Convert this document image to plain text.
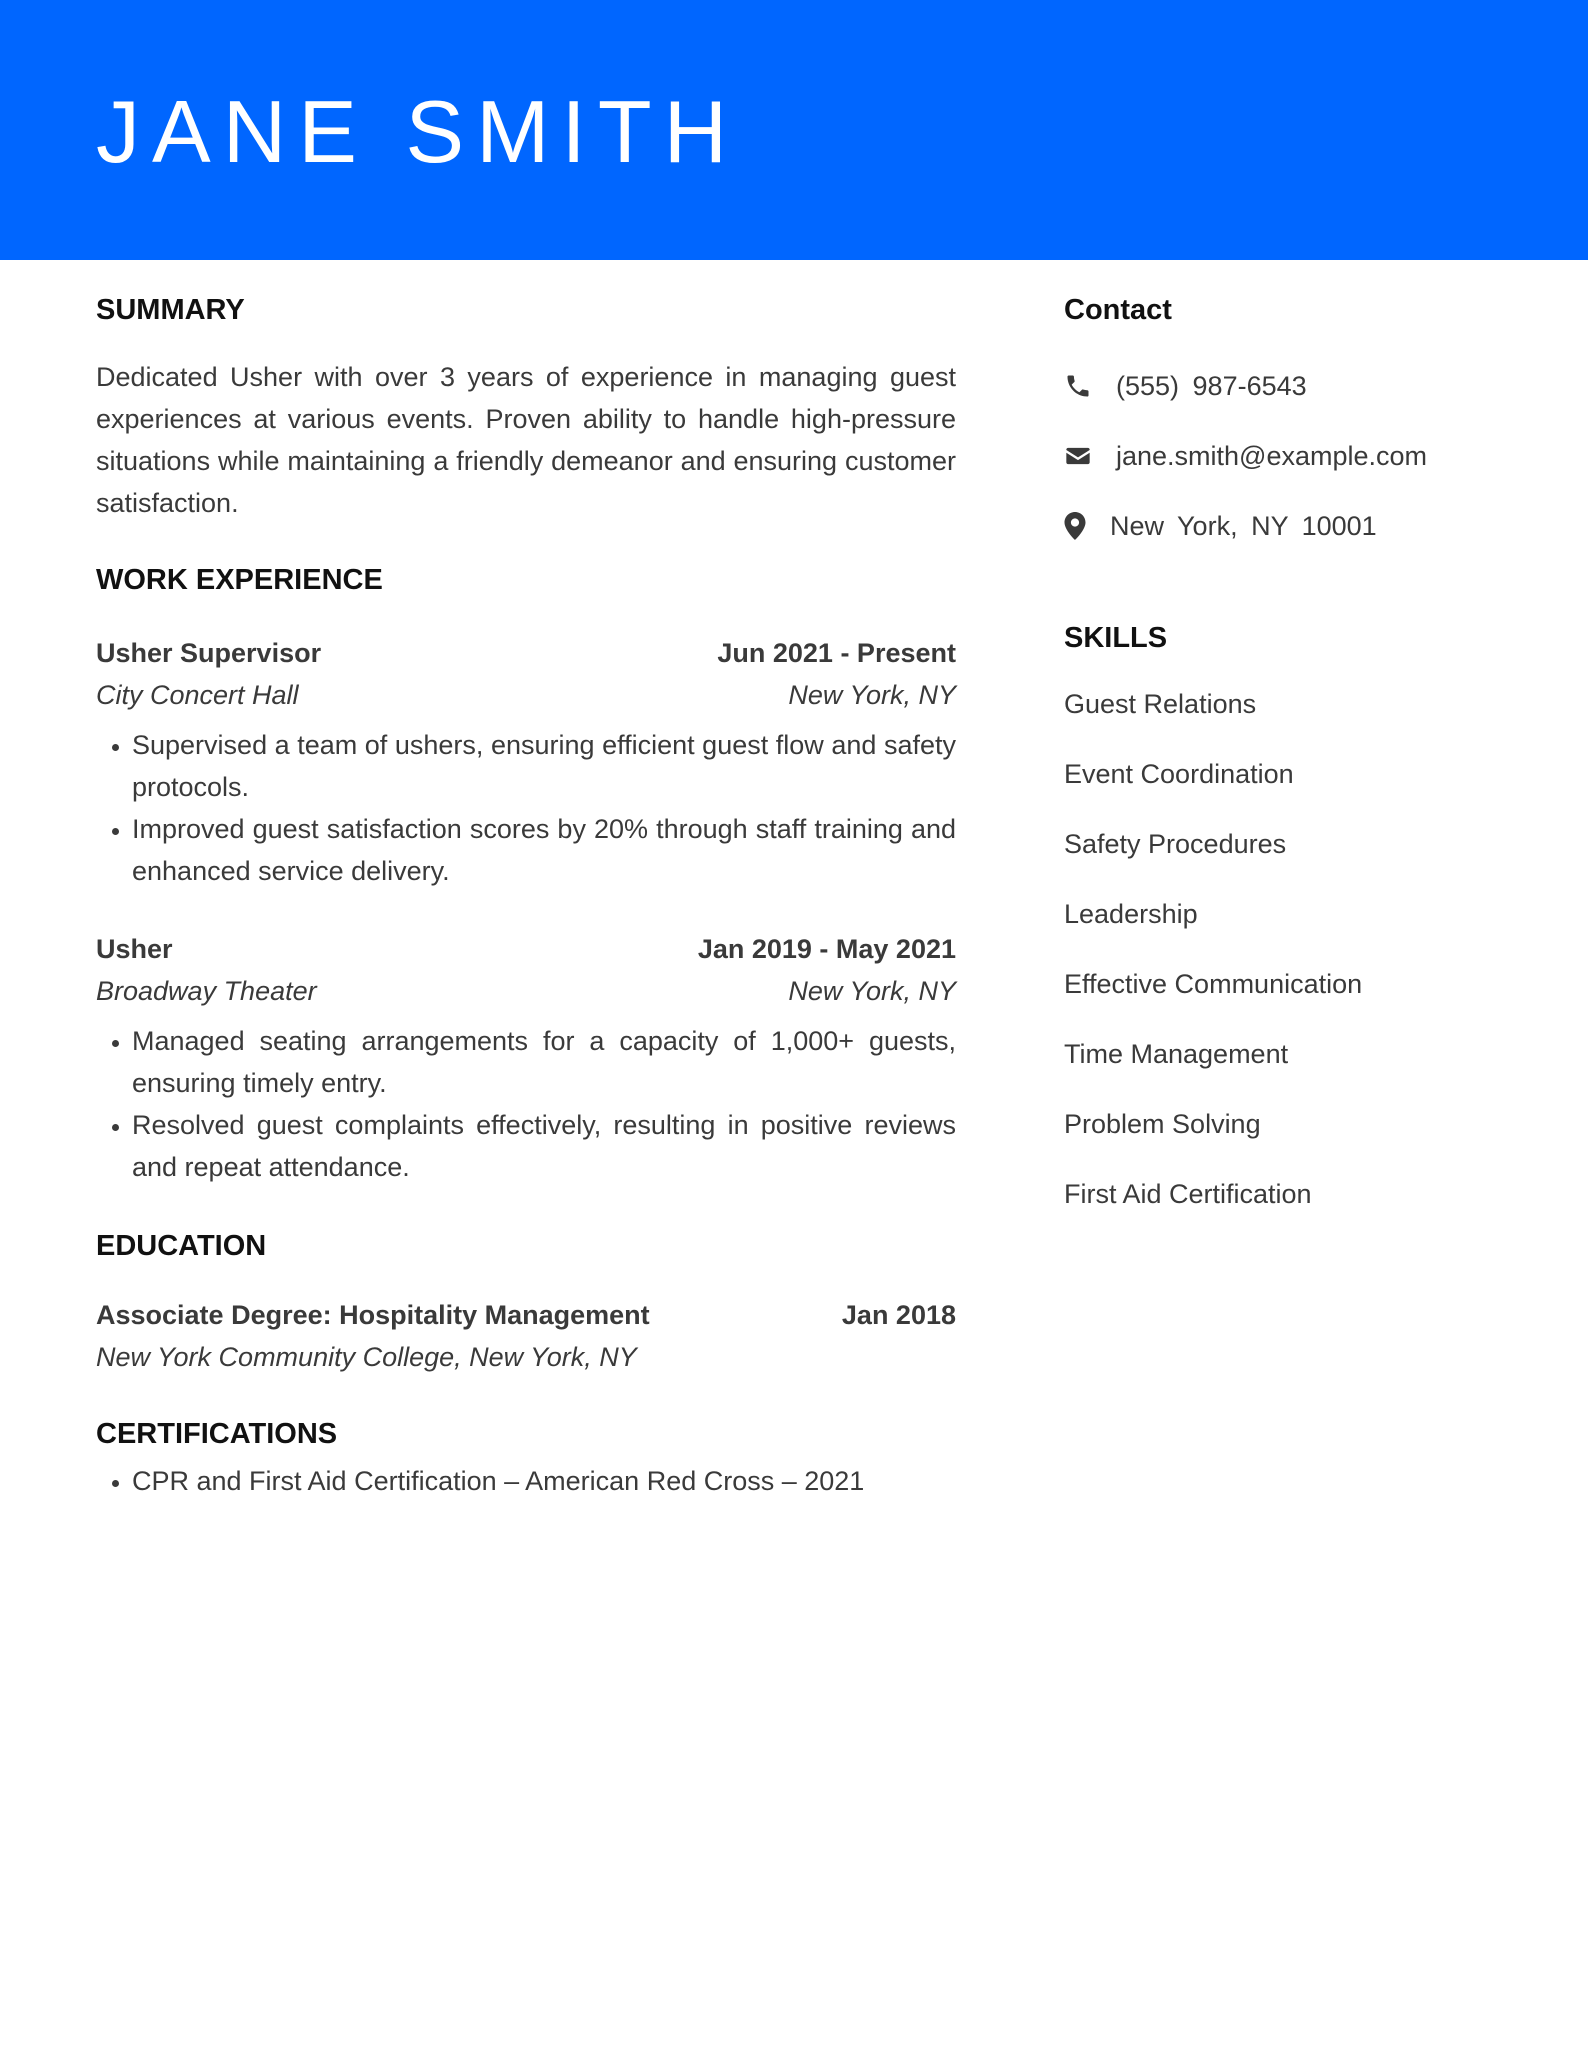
JANE SMITH
SUMMARY

Dedicated Usher with over 3 years of experience in managing guest experiences at various events. Proven ability to handle high-pressure situations while maintaining a friendly demeanor and ensuring customer satisfaction.

WORK EXPERIENCE
Usher Supervisor	Jun 2021 - Present
City Concert Hall	New York, NY
• Supervised a team of ushers, ensuring efficient guest flow and safety protocols.
• Improved guest satisfaction scores by 20% through staff training and enhanced service delivery.
Usher	Jan 2019 - May 2021
Broadway Theater	New York, NY
• Managed seating arrangements for a capacity of 1,000+ guests, ensuring timely entry.
• Resolved guest complaints effectively, resulting in positive reviews and repeat attendance.
EDUCATION
Associate Degree: Hospitality Management	Jan 2018
New York Community College, New York, NY
CERTIFICATIONS
• CPR and First Aid Certification – American Red Cross – 2021
Contact
(555) 987-6543
jane.smith@example.com
New York, NY 10001
SKILLS
Guest Relations
Event Coordination
Safety Procedures
Leadership
Effective Communication
Time Management
Problem Solving
First Aid Certification
